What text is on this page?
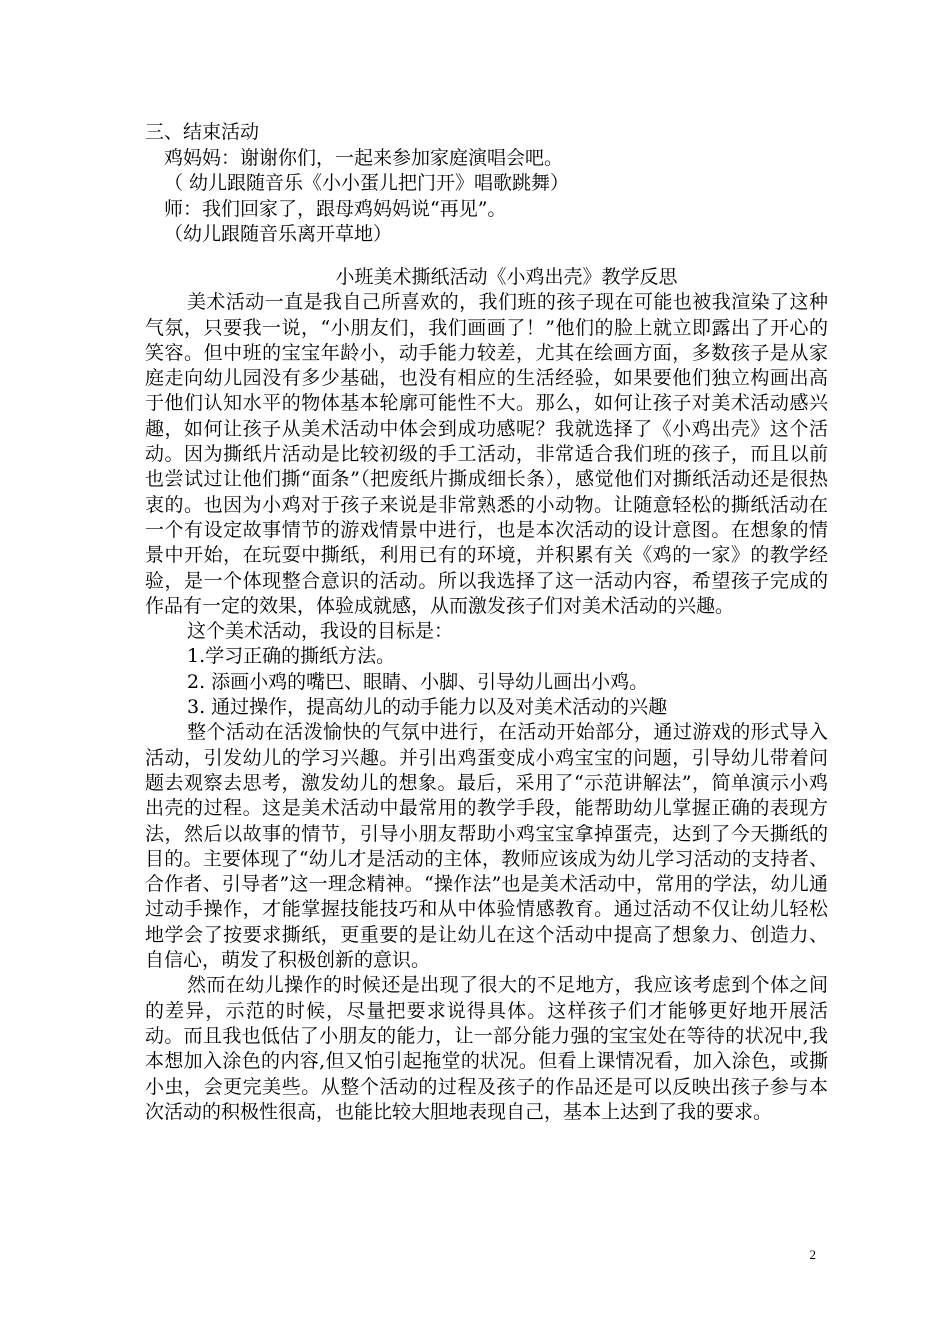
三、结束活动

鸡妈妈：谢谢你们，一起来参加家庭演唱会吧。

（ 幼儿跟随音乐《小小蛋儿把门开》唱歌跳舞）

师：我们回家了，跟母鸡妈妈说“再见”。

（幼儿跟随音乐离开草地）

小班美术撕纸活动《小鸡出壳》教学反思

美术活动一直是我自己所喜欢的，我们班的孩子现在可能也被我渲染了这种气氛，只要我一说，“小朋友们，我们画画了！”他们的脸上就立即露出了开心的笑容。但中班的宝宝年龄小，动手能力较差，尤其在绘画方面，多数孩子是从家庭走向幼儿园没有多少基础，也没有相应的生活经验，如果要他们独立构画出高于他们认知水平的物体基本轮廓可能性不大。那么，如何让孩子对美术活动感兴趣，如何让孩子从美术活动中体会到成功感呢？我就选择了《小鸡出壳》这个活动。因为撕纸片活动是比较初级的手工活动，非常适合我们班的孩子，而且以前也尝试过让他们撕“面条”（把废纸片撕成细长条），感觉他们对撕纸活动还是很热衷的。也因为小鸡对于孩子来说是非常熟悉的小动物。让随意轻松的撕纸活动在一个有设定故事情节的游戏情景中进行，也是本次活动的设计意图。在想象的情景中开始，在玩耍中撕纸，利用已有的环境，并积累有关《鸡的一家》的教学经验，是一个体现整合意识的活动。所以我选择了这一活动内容，希望孩子完成的作品有一定的效果，体验成就感，从而激发孩子们对美术活动的兴趣。

这个美术活动，我设的目标是：

1.学习正确的撕纸方法。

2. 添画小鸡的嘴巴、眼睛、小脚、引导幼儿画出小鸡。

3. 通过操作，提高幼儿的动手能力以及对美术活动的兴趣

整个活动在活泼愉快的气氛中进行，在活动开始部分，通过游戏的形式导入活动，引发幼儿的学习兴趣。并引出鸡蛋变成小鸡宝宝的问题，引导幼儿带着问题去观察去思考，激发幼儿的想象。最后，采用了“示范讲解法”，简单演示小鸡出壳的过程。这是美术活动中最常用的教学手段，能帮助幼儿掌握正确的表现方法，然后以故事的情节，引导小朋友帮助小鸡宝宝拿掉蛋壳，达到了今天撕纸的目的。主要体现了“幼儿才是活动的主体，教师应该成为幼儿学习活动的支持者、合作者、引导者”这一理念精神。“操作法”也是美术活动中，常用的学法，幼儿通过动手操作，才能掌握技能技巧和从中体验情感教育。通过活动不仅让幼儿轻松地学会了按要求撕纸，更重要的是让幼儿在这个活动中提高了想象力、创造力、自信心，萌发了积极创新的意识。

然而在幼儿操作的时候还是出现了很大的不足地方，我应该考虑到个体之间的差异，示范的时候，尽量把要求说得具体。这样孩子们才能够更好地开展活动。而且我也低估了小朋友的能力，让一部分能力强的宝宝处在等待的状况中,我本想加入涂色的内容,但又怕引起拖堂的状况。但看上课情况看，加入涂色，或撕小虫，会更完美些。从整个活动的过程及孩子的作品还是可以反映出孩子参与本次活动的积极性很高，也能比较大胆地表现自己，基本上达到了我的要求。

2
